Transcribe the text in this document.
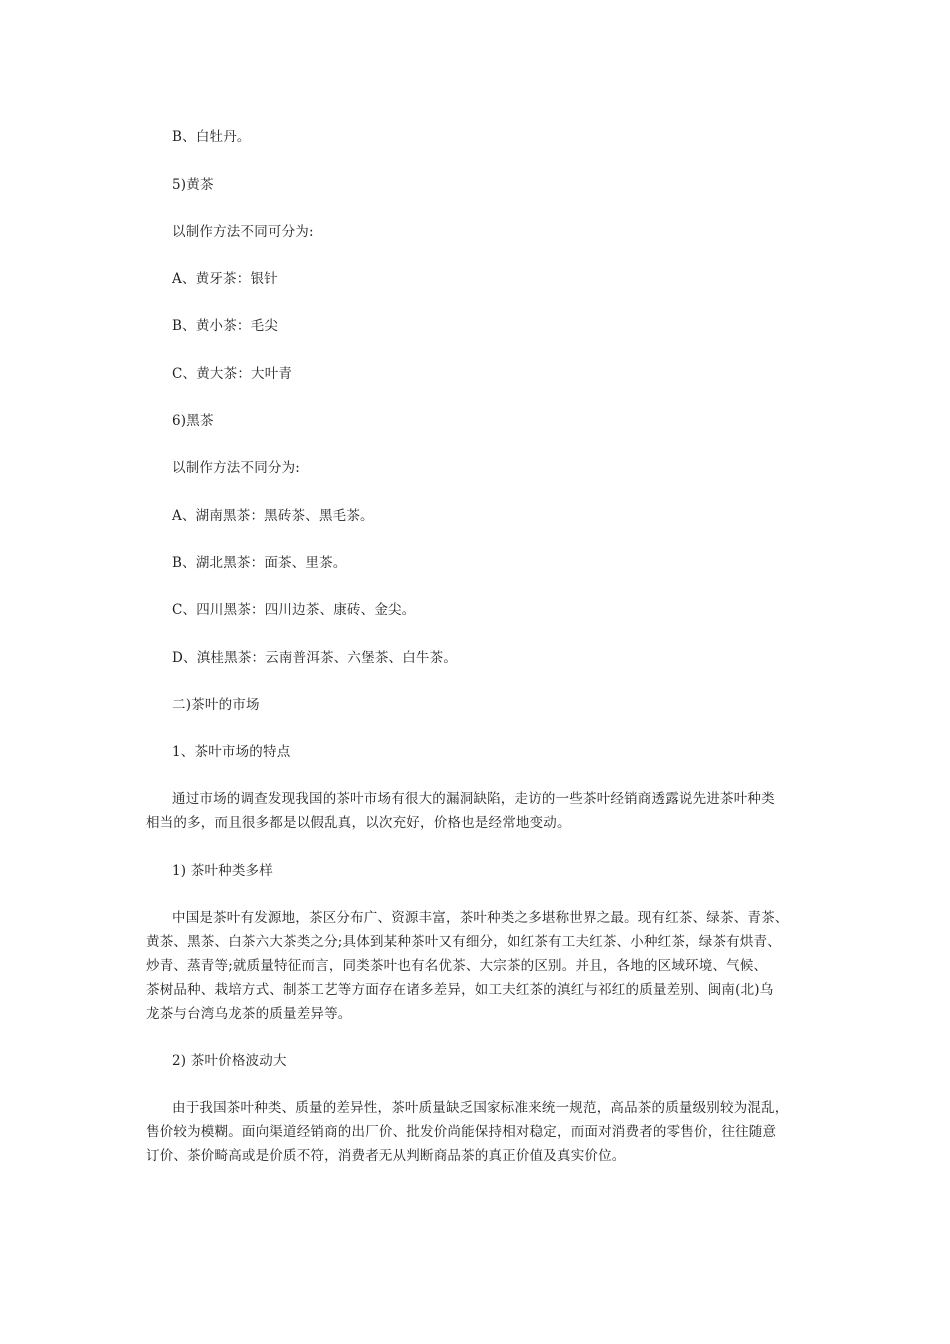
B、白牡丹。
5)黄茶
以制作方法不同可分为:
A、黄牙茶：银针
B、黄小茶：毛尖
C、黄大茶：大叶青
6)黑茶
以制作方法不同分为:
A、湖南黑茶：黑砖茶、黑毛茶。
B、湖北黑茶：面茶、里茶。
C、四川黑茶：四川边茶、康砖、金尖。
D、滇桂黑茶：云南普洱茶、六堡茶、白牛茶。
二)茶叶的市场
1、茶叶市场的特点
通过市场的调查发现我国的茶叶市场有很大的漏洞缺陷，走访的一些茶叶经销商透露说先进茶叶种类
相当的多，而且很多都是以假乱真，以次充好，价格也是经常地变动。
1) 茶叶种类多样
中国是茶叶有发源地，茶区分布广、资源丰富，茶叶种类之多堪称世界之最。现有红茶、绿茶、青茶、
黄茶、黑茶、白茶六大茶类之分;具体到某种茶叶又有细分，如红茶有工夫红茶、小种红茶，绿茶有烘青、
炒青、蒸青等;就质量特征而言，同类茶叶也有名优茶、大宗茶的区别。并且，各地的区域环境、气候、
茶树品种、栽培方式、制茶工艺等方面存在诸多差异，如工夫红茶的滇红与祁红的质量差别、闽南(北)乌
龙茶与台湾乌龙茶的质量差异等。
2) 茶叶价格波动大
由于我国茶叶种类、质量的差异性，茶叶质量缺乏国家标准来统一规范，高品茶的质量级别较为混乱，
售价较为模糊。面向渠道经销商的出厂价、批发价尚能保持相对稳定，而面对消费者的零售价，往往随意
订价、茶价畸高或是价质不符，消费者无从判断商品茶的真正价值及真实价位。
